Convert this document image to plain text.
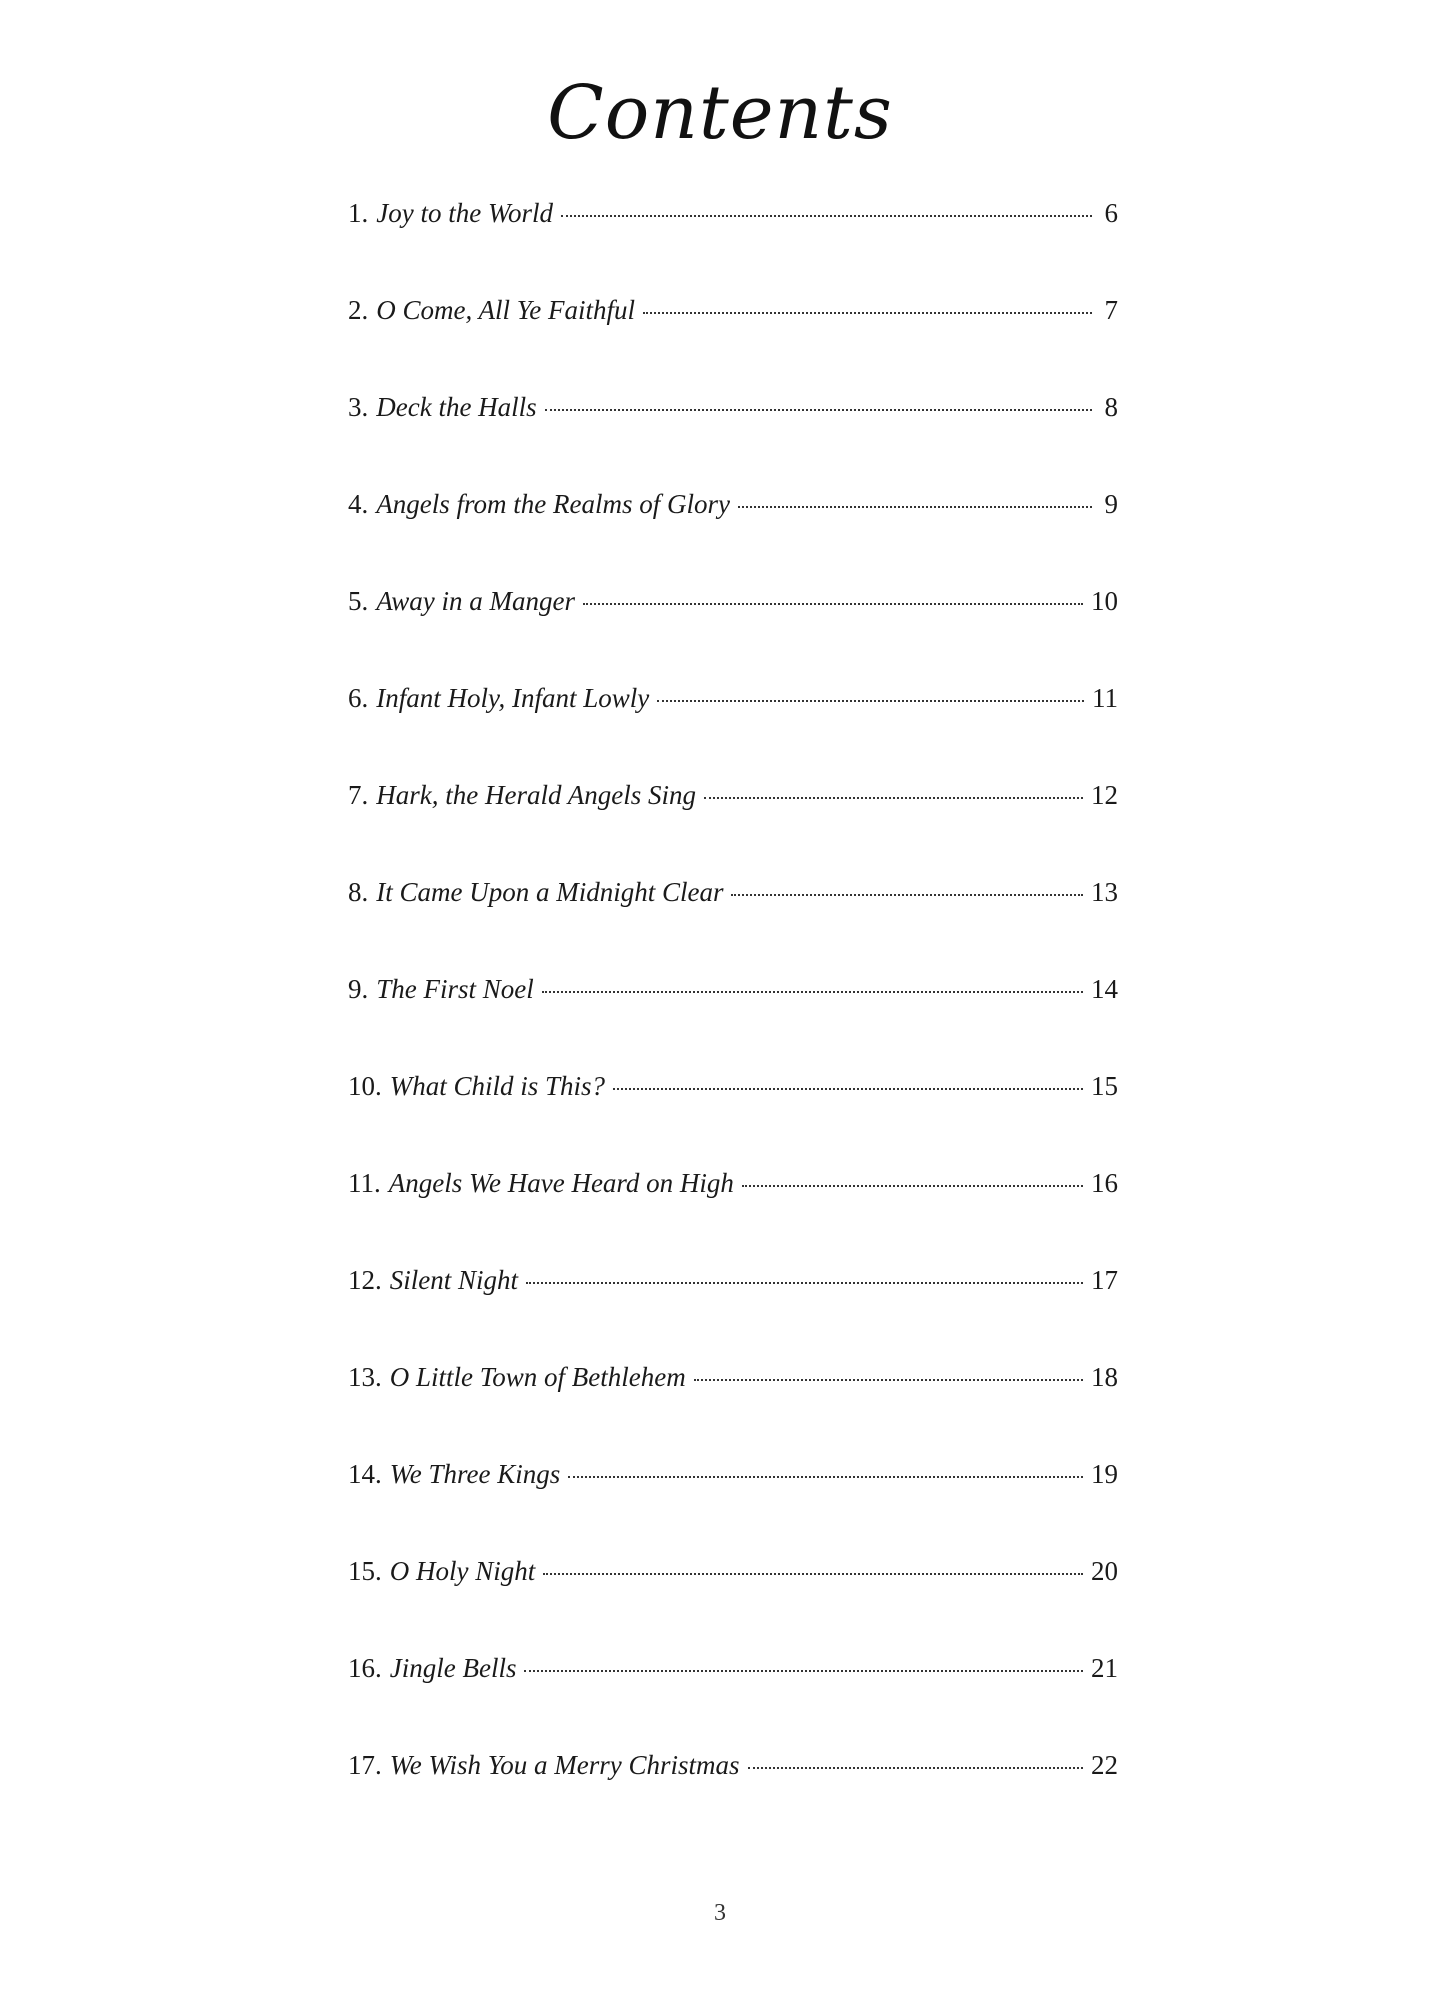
Contents
1. Joy to the World	6
2. O Come, All Ye Faithful	7
3. Deck the Halls	8
4. Angels from the Realms of Glory	9
5. Away in a Manger	10
6. Infant Holy, Infant Lowly	11
7. Hark, the Herald Angels Sing	12
8. It Came Upon a Midnight Clear	13
9. The First Noel	14
10. What Child is This?	15
11. Angels We Have Heard on High	16
12. Silent Night	17
13. O Little Town of Bethlehem	18
14. We Three Kings	19
15. O Holy Night	20
16. Jingle Bells	21
17. We Wish You a Merry Christmas	22
3
